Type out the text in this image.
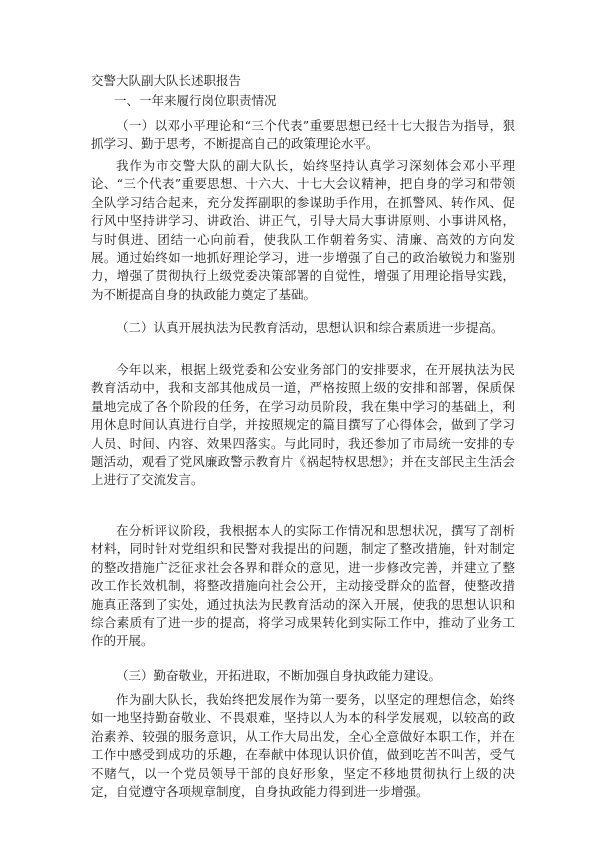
交警大队副大队长述职报告
一、一年来履行岗位职责情况

（一）以邓小平理论和“三个代表”重要思想已经十七大报告为指导，狠抓学习、勤于思考，不断提高自己的政策理论水平。

我作为市交警大队的副大队长，始终坚持认真学习深刻体会邓小平理论、“三个代表”重要思想、十六大、十七大会议精神，把自身的学习和带领全队学习结合起来，充分发挥副职的参谋助手作用，在抓警风、转作风、促行风中坚持讲学习、讲政治、讲正气，引导大局大事讲原则、小事讲风格，与时俱进、团结一心向前看，使我队工作朝着务实、清廉、高效的方向发展。通过始终如一地抓好理论学习，进一步增强了自己的政治敏锐力和鉴别力，增强了贯彻执行上级党委决策部署的自觉性，增强了用理论指导实践，为不断提高自身的执政能力奠定了基础。

（二）认真开展执法为民教育活动，思想认识和综合素质进一步提高。

今年以来，根据上级党委和公安业务部门的安排要求，在开展执法为民教育活动中，我和支部其他成员一道，严格按照上级的安排和部署，保质保量地完成了各个阶段的任务，在学习动员阶段，我在集中学习的基础上，利用休息时间认真进行自学，并按照规定的篇目撰写了心得体会，做到了学习人员、时间、内容、效果四落实。与此同时，我还参加了市局统一安排的专题活动，观看了党风廉政警示教育片《祸起特权思想》；并在支部民主生活会上进行了交流发言。

在分析评议阶段，我根据本人的实际工作情况和思想状况，撰写了剖析材料，同时针对党组织和民警对我提出的问题，制定了整改措施，针对制定的整改措施广泛征求社会各界和群众的意见，进一步修改完善，并建立了整改工作长效机制，将整改措施向社会公开，主动接受群众的监督，使整改措施真正落到了实处，通过执法为民教育活动的深入开展，使我的思想认识和综合素质有了进一步的提高，将学习成果转化到实际工作中，推动了业务工作的开展。

（三）勤奋敬业，开拓进取，不断加强自身执政能力建设。

作为副大队长，我始终把发展作为第一要务，以坚定的理想信念，始终如一地坚持勤奋敬业、不畏艰难，坚持以人为本的科学发展观，以较高的政治素养、较强的服务意识，从工作大局出发，全心全意做好本职工作，并在工作中感受到成功的乐趣，在奉献中体现认识价值，做到吃苦不叫苦，受气不赌气，以一个党员领导干部的良好形象，坚定不移地贯彻执行上级的决定，自觉遵守各项规章制度，自身执政能力得到进一步增强。
